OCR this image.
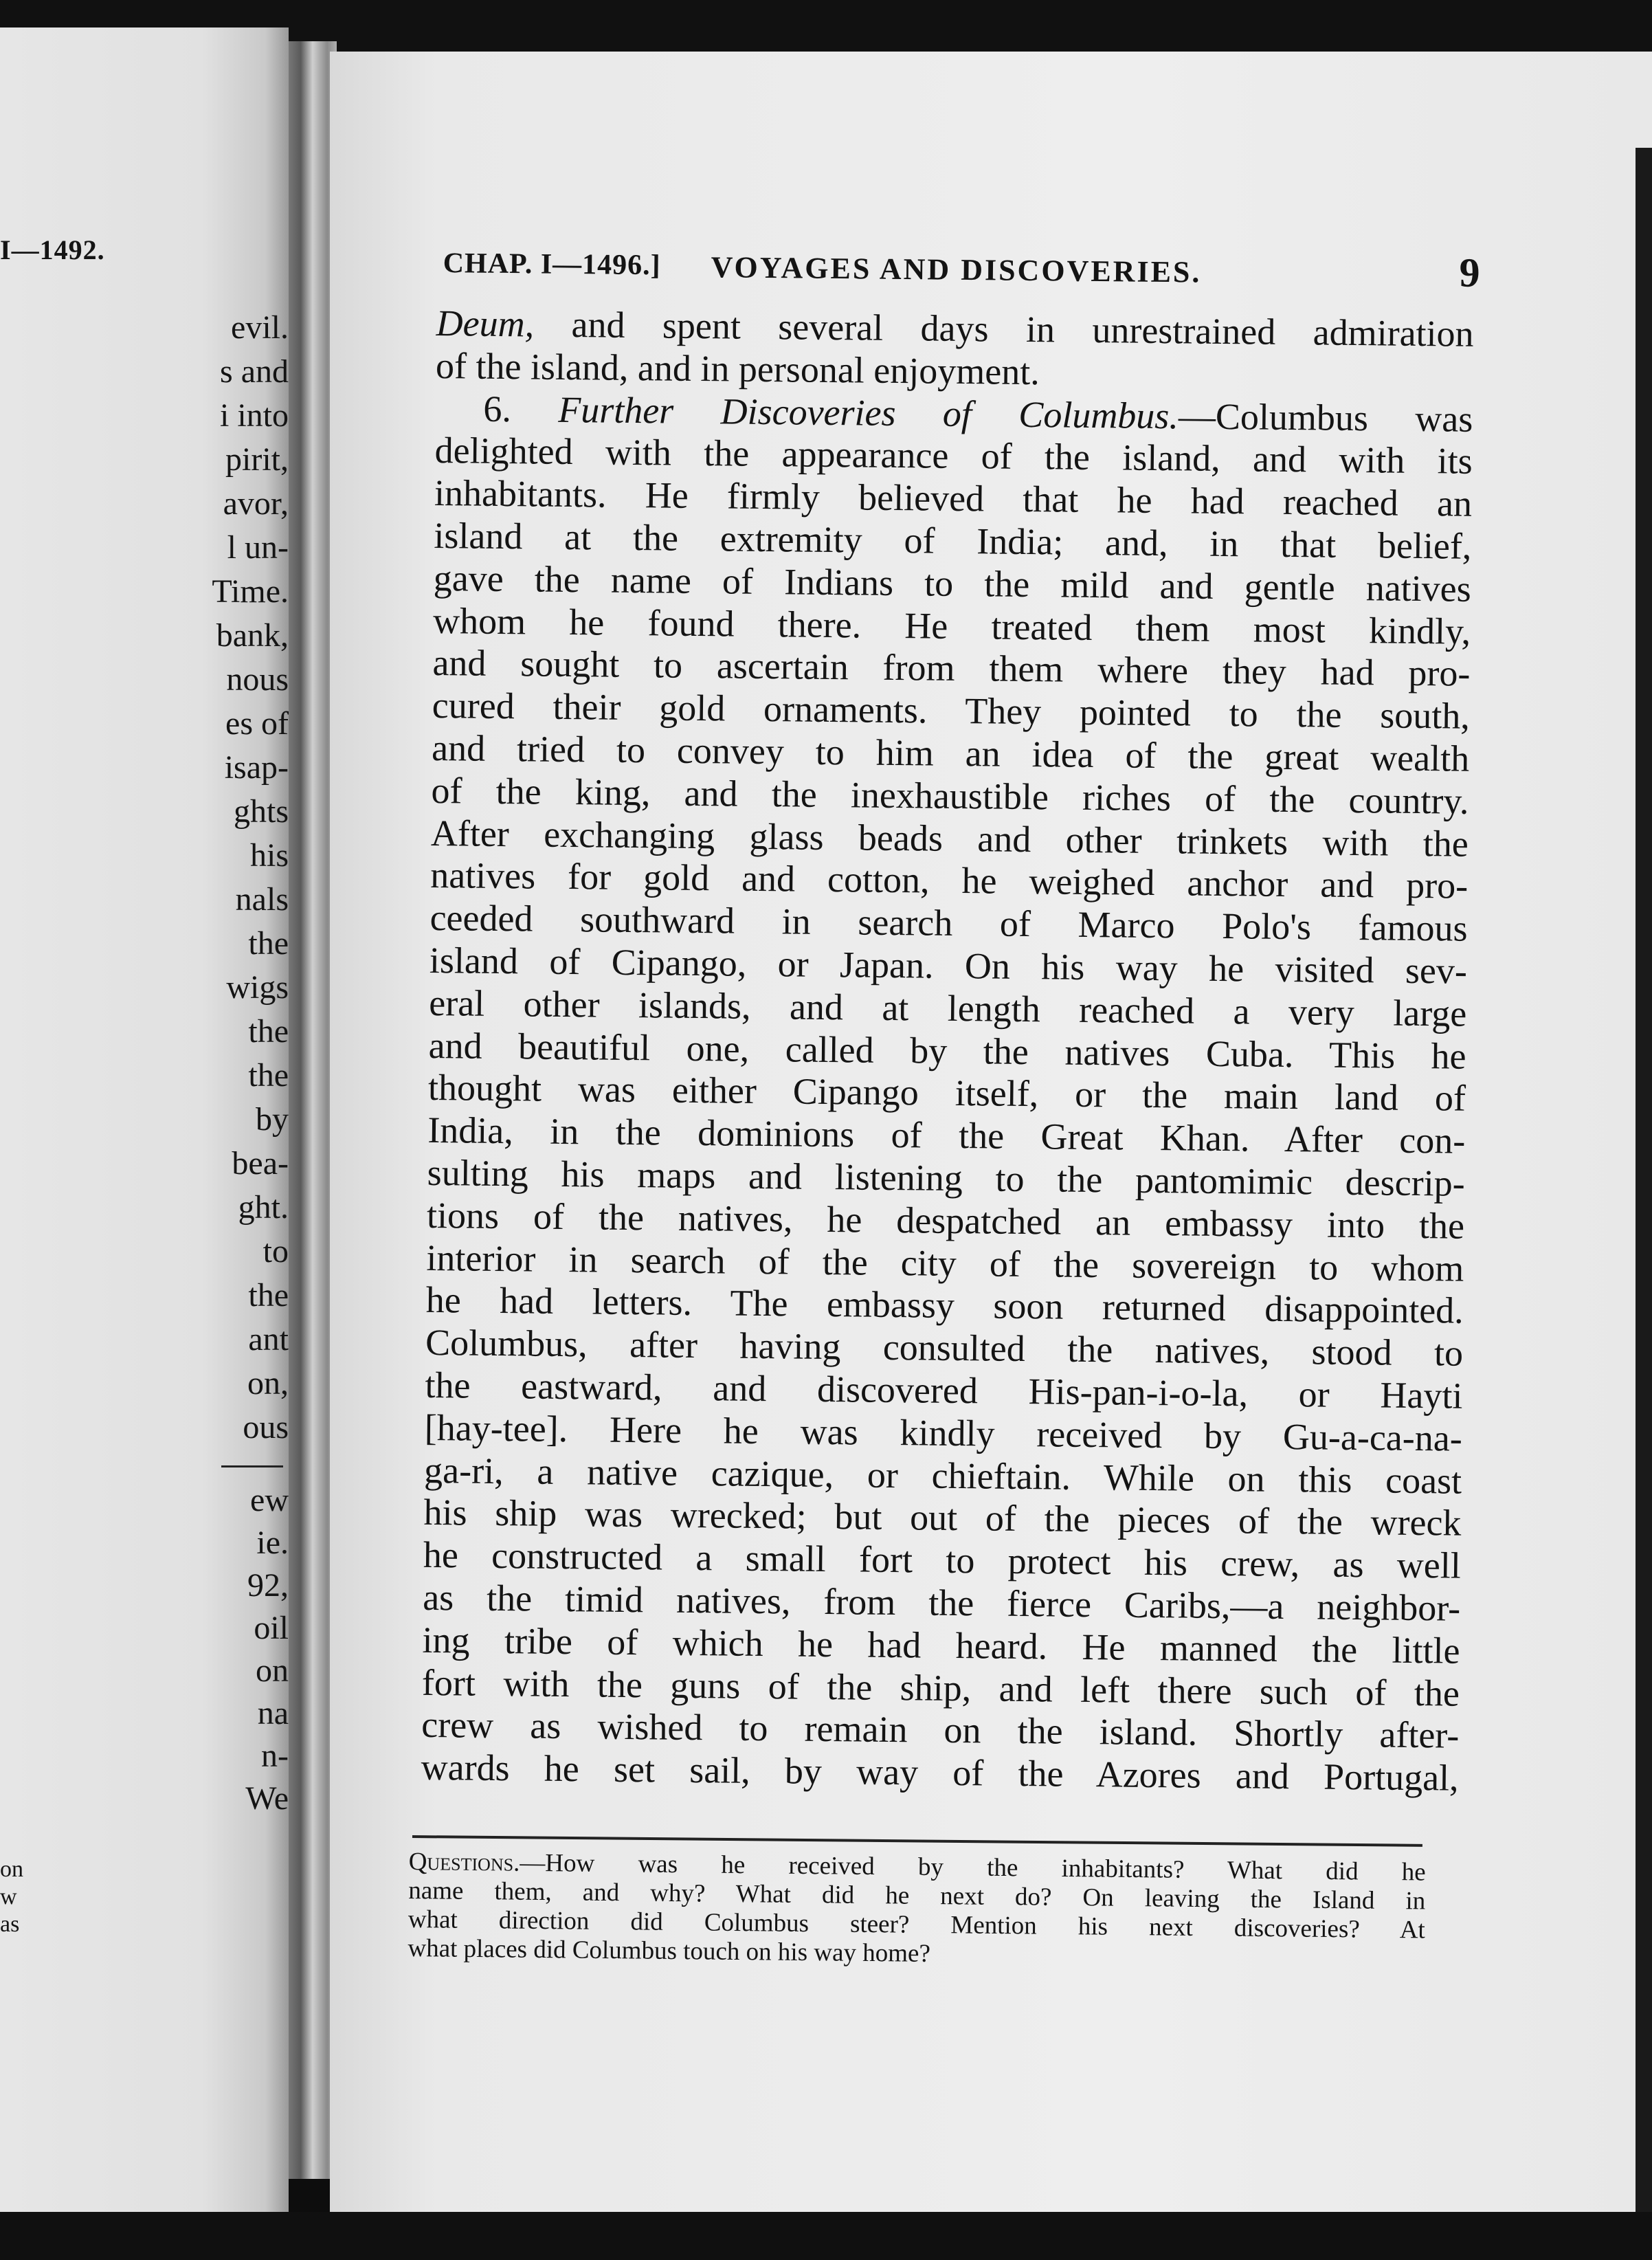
I—1492.
evil.
s and
i into
pirit,
avor,
l un-
Time.
bank,
nous
es of
isap-
ghts
his
nals
the
wigs
the
the
by
bea-
ght.
to
the
ant
on,
ous
ew
ie.
92,
oil
on
na
n-
We
on
w
as
CHAP. I—1496.] VOYAGES AND DISCOVERIES.	9
Deum, and spent several days in unrestrained admiration
of the island, and in personal enjoyment.
6. Further Discoveries of Columbus.—Columbus was
delighted with the appearance of the island, and with its
inhabitants. He firmly believed that he had reached an
island at the extremity of India; and, in that belief,
gave the name of Indians to the mild and gentle natives
whom he found there. He treated them most kindly,
and sought to ascertain from them where they had pro-
cured their gold ornaments. They pointed to the south,
and tried to convey to him an idea of the great wealth
of the king, and the inexhaustible riches of the country.
After exchanging glass beads and other trinkets with the
natives for gold and cotton, he weighed anchor and pro-
ceeded southward in search of Marco Polo's famous
island of Cipango, or Japan. On his way he visited sev-
eral other islands, and at length reached a very large
and beautiful one, called by the natives Cuba. This he
thought was either Cipango itself, or the main land of
India, in the dominions of the Great Khan. After con-
sulting his maps and listening to the pantomimic descrip-
tions of the natives, he despatched an embassy into the
interior in search of the city of the sovereign to whom
he had letters. The embassy soon returned disappointed.
Columbus, after having consulted the natives, stood to
the eastward, and discovered His-pan-i-o-la, or Hayti
[hay-tee]. Here he was kindly received by Gu-a-ca-na-
ga-ri, a native cazique, or chieftain. While on this coast
his ship was wrecked; but out of the pieces of the wreck
he constructed a small fort to protect his crew, as well
as the timid natives, from the fierce Caribs,—a neighbor-
ing tribe of which he had heard. He manned the little
fort with the guns of the ship, and left there such of the
crew as wished to remain on the island. Shortly after-
wards he set sail, by way of the Azores and Portugal,
Questions.—How was he received by the inhabitants? What did he
name them, and why? What did he next do? On leaving the Island in
what direction did Columbus steer? Mention his next discoveries? At
what places did Columbus touch on his way home?
